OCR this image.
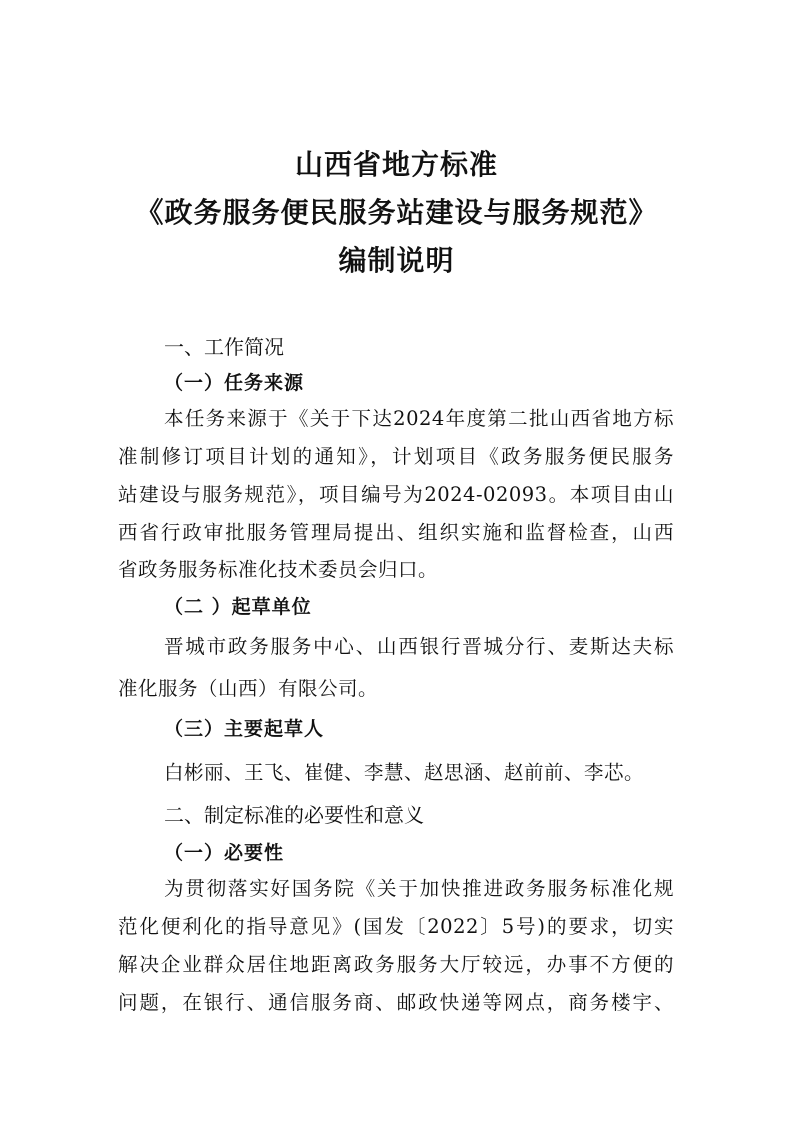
山西省地方标准
《政务服务便民服务站建设与服务规范》
编制说明
一、工作简况
（一）任务来源
本任务来源于《关于下达2024年度第二批山西省地方标
准制修订项目计划的通知》，计划项目《政务服务便民服务
站建设与服务规范》，项目编号为2024-02093。本项目由山
西省行政审批服务管理局提出、组织实施和监督检查，山西
省政务服务标准化技术委员会归口。
（二 ）起草单位
晋城市政务服务中心、山西银行晋城分行、麦斯达夫标
准化服务（山西）有限公司。
（三）主要起草人
白彬丽、王飞、崔健、李慧、赵思涵、赵前前、李芯。
二、制定标准的必要性和意义
（一）必要性
为贯彻落实好国务院《关于加快推进政务服务标准化规
范化便利化的指导意见》(国发〔2022〕5号)的要求，切实
解决企业群众居住地距离政务服务大厅较远，办事不方便的
问题，在银行、通信服务商、邮政快递等网点，商务楼宇、
